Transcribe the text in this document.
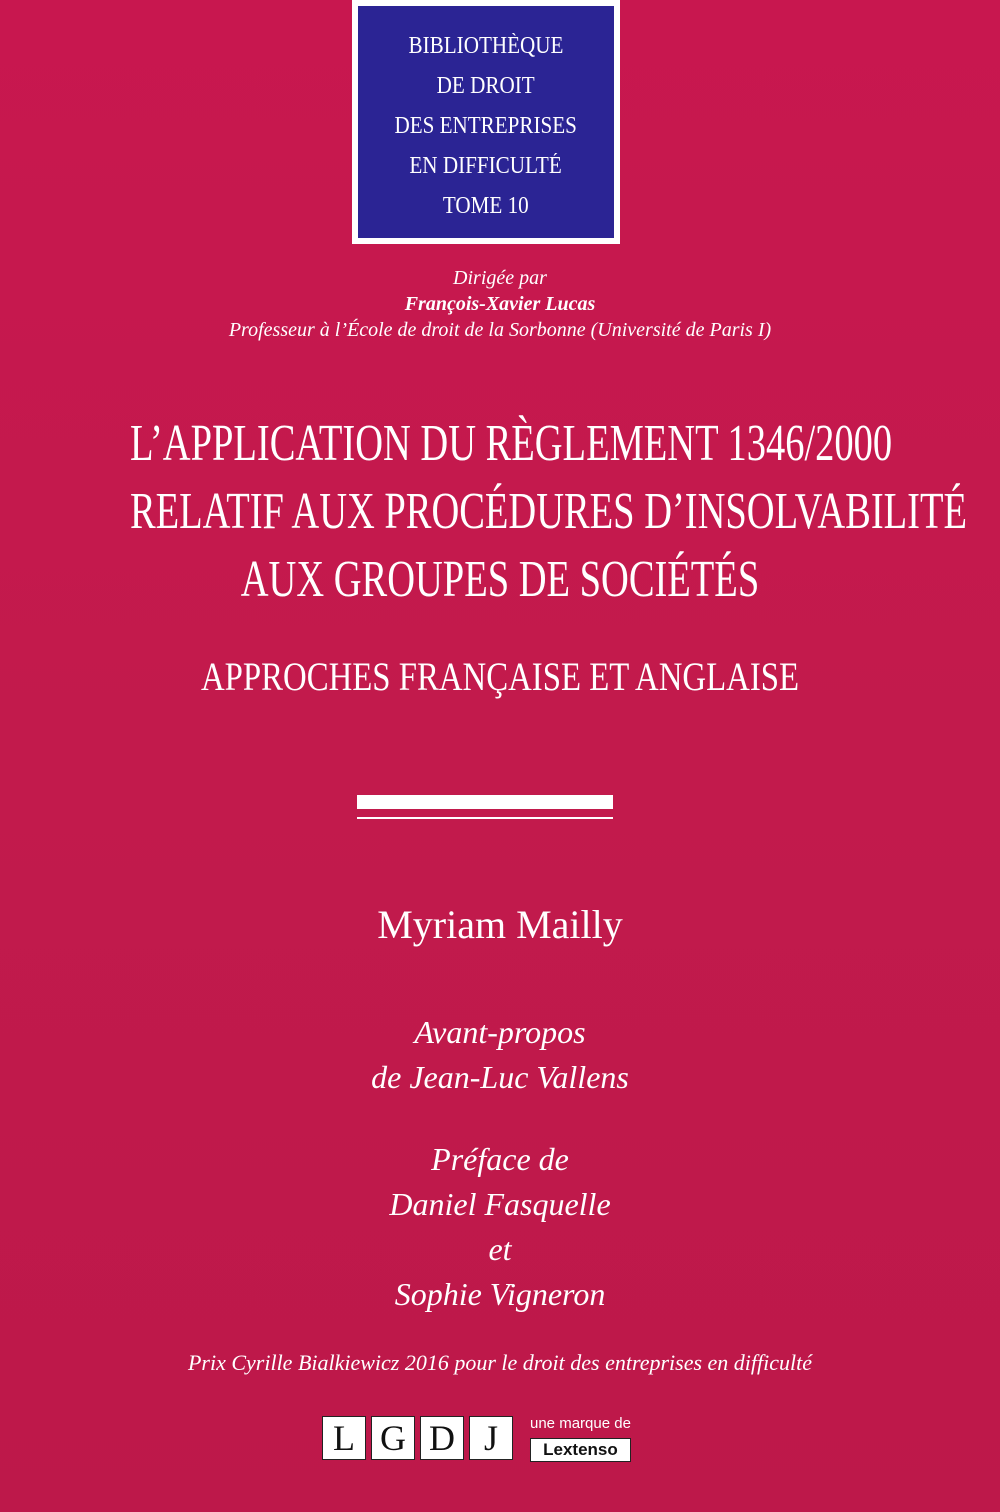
BIBLIOTHÈQUE
DE DROIT
DES ENTREPRISES
EN DIFFICULTÉ
TOME 10
Dirigée par
François-Xavier Lucas
Professeur à l’École de droit de la Sorbonne (Université de Paris I)
L’APPLICATION DU RÈGLEMENT 1346/2000
RELATIF AUX PROCÉDURES D’INSOLVABILITÉ
AUX GROUPES DE SOCIÉTÉS
APPROCHES FRANÇAISE ET ANGLAISE
Myriam Mailly
Avant-propos
de Jean-Luc Vallens
Préface de
Daniel Fasquelle
et
Sophie Vigneron
Prix Cyrille Bialkiewicz 2016 pour le droit des entreprises en difficulté
L G D J	une marque de
Lextenso
